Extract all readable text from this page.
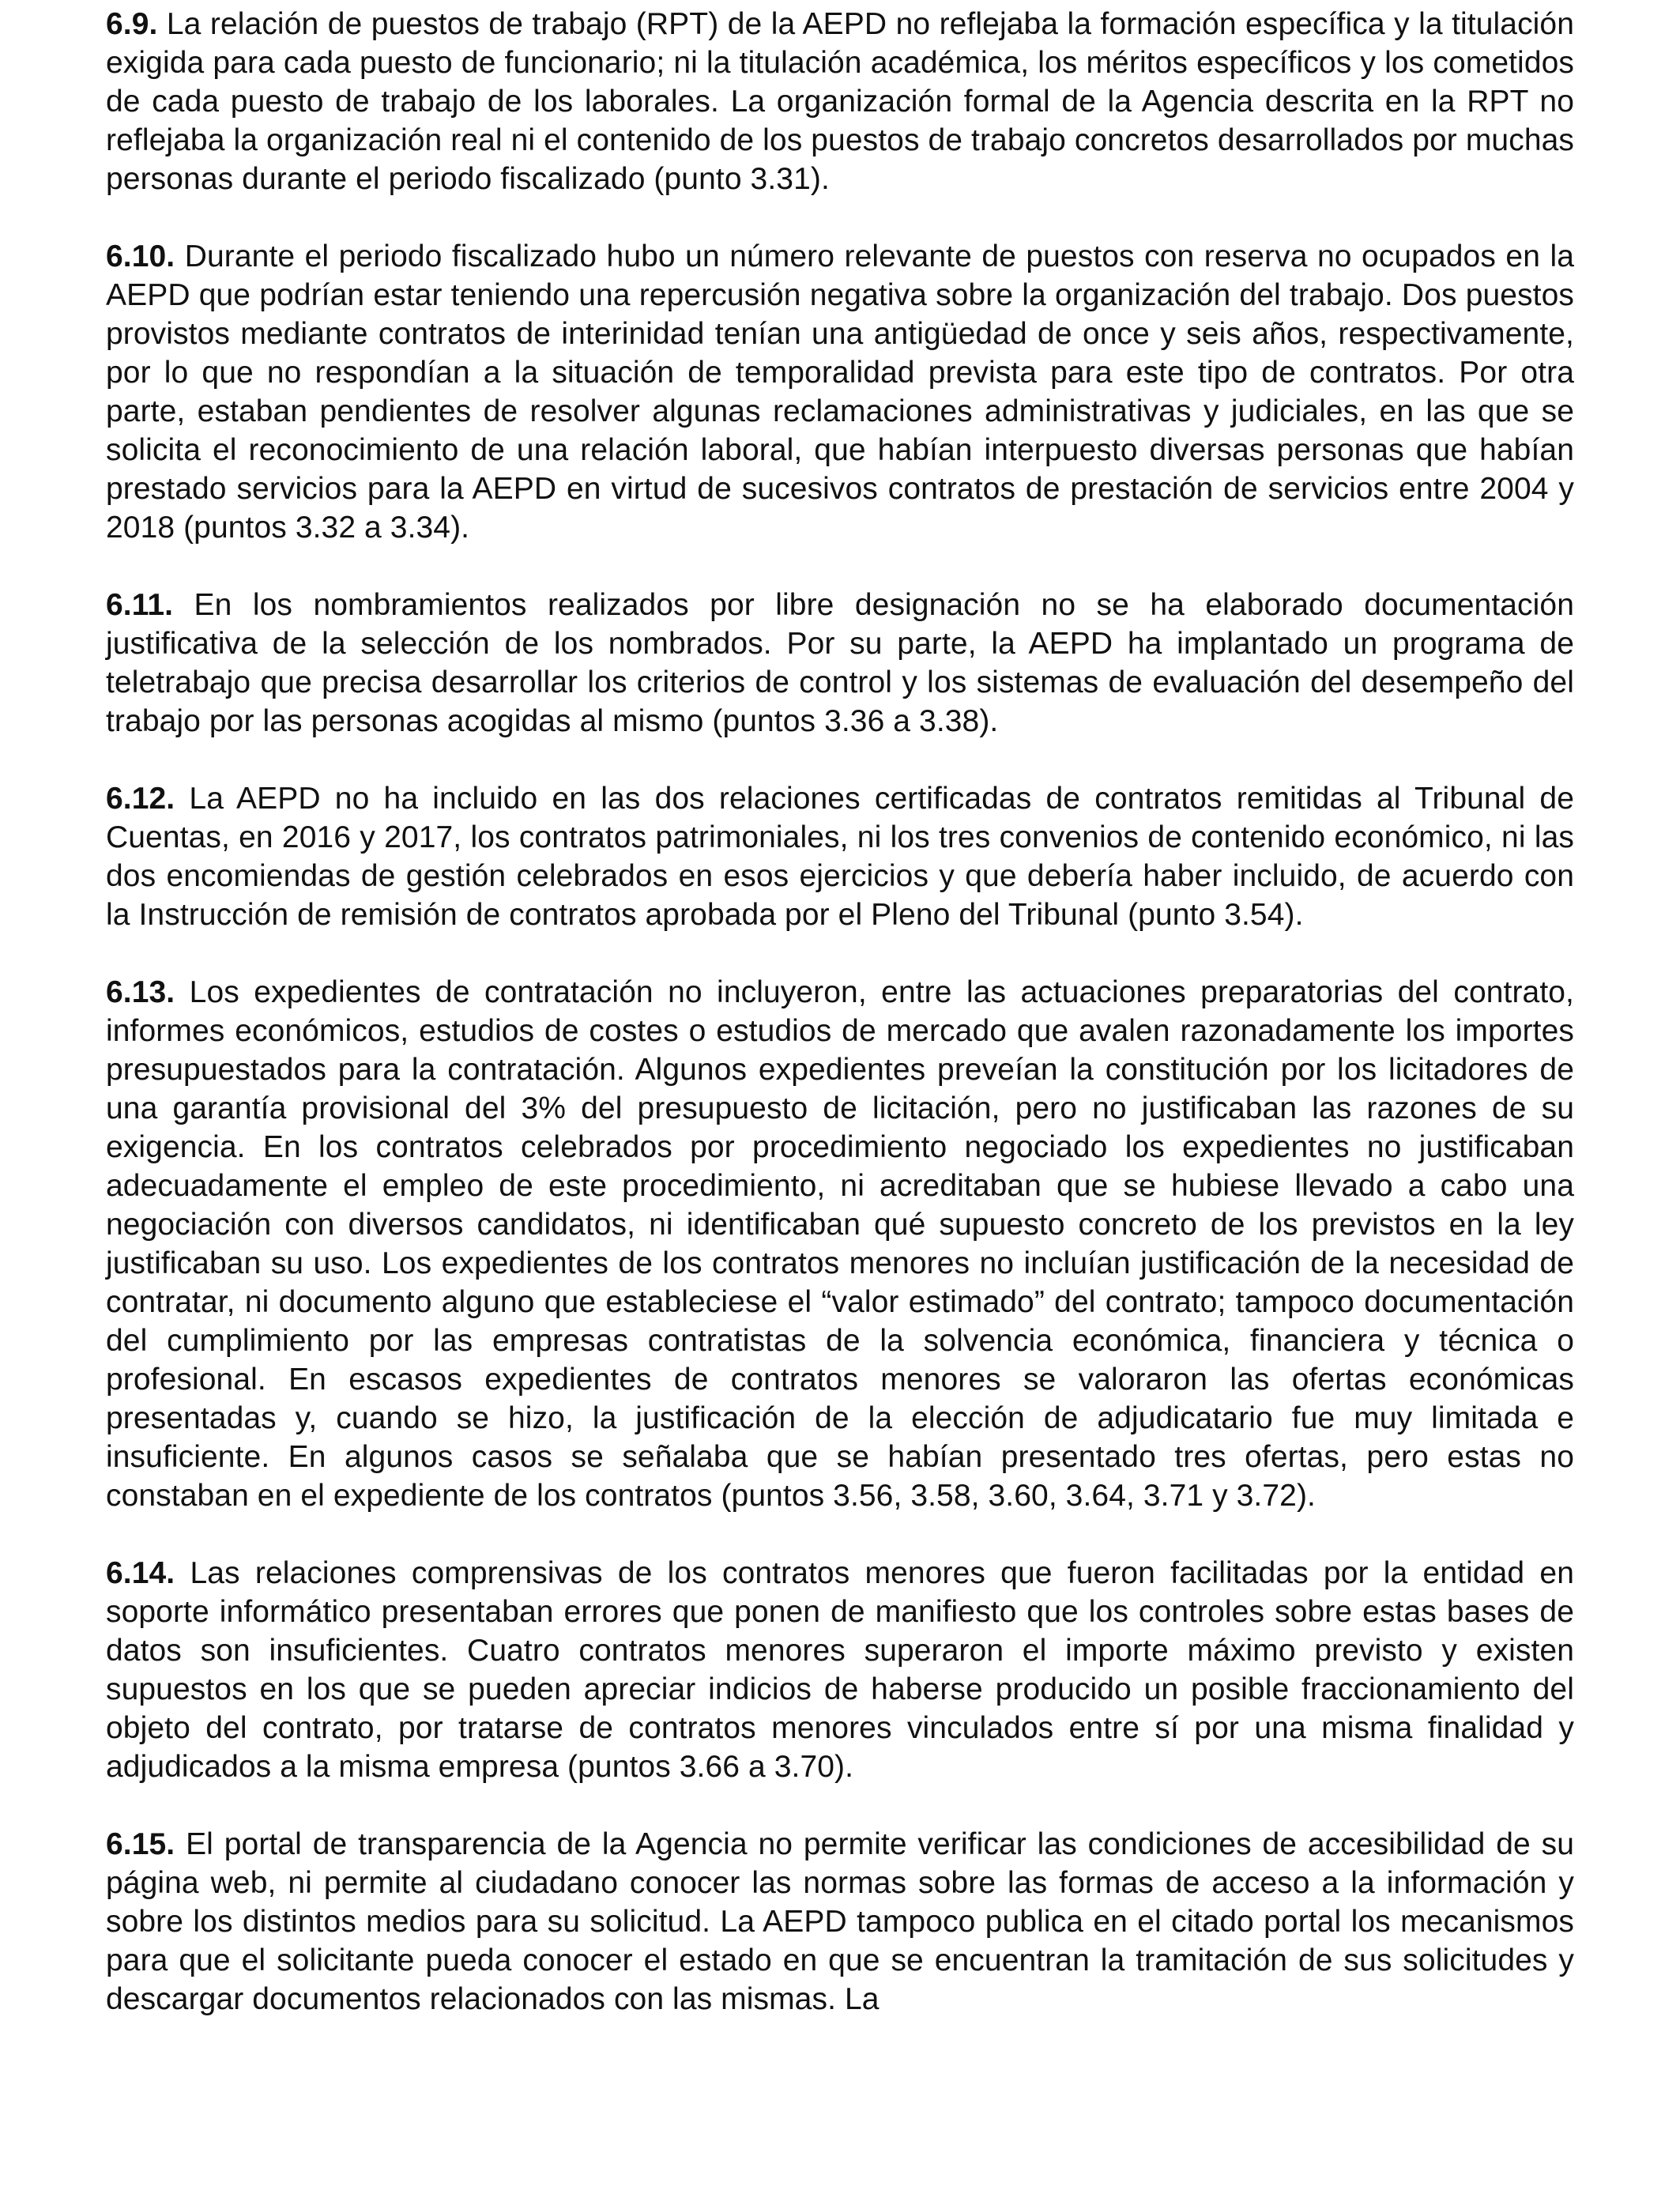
6.9. La relación de puestos de trabajo (RPT) de la AEPD no reflejaba la formación específica y la titulación exigida para cada puesto de funcionario; ni la titulación académica, los méritos específicos y los cometidos de cada puesto de trabajo de los laborales. La organización formal de la Agencia descrita en la RPT no reflejaba la organización real ni el contenido de los puestos de trabajo concretos desarrollados por muchas personas durante el periodo fiscalizado (punto 3.31).

6.10. Durante el periodo fiscalizado hubo un número relevante de puestos con reserva no ocupados en la AEPD que podrían estar teniendo una repercusión negativa sobre la organización del trabajo. Dos puestos provistos mediante contratos de interinidad tenían una antigüedad de once y seis años, respectivamente, por lo que no respondían a la situación de temporalidad prevista para este tipo de contratos. Por otra parte, estaban pendientes de resolver algunas reclamaciones administrativas y judiciales, en las que se solicita el reconocimiento de una relación laboral, que habían interpuesto diversas personas que habían prestado servicios para la AEPD en virtud de sucesivos contratos de prestación de servicios entre 2004 y 2018 (puntos 3.32 a 3.34).

6.11. En los nombramientos realizados por libre designación no se ha elaborado documentación justificativa de la selección de los nombrados. Por su parte, la AEPD ha implantado un programa de teletrabajo que precisa desarrollar los criterios de control y los sistemas de evaluación del desempeño del trabajo por las personas acogidas al mismo (puntos 3.36 a 3.38).

6.12. La AEPD no ha incluido en las dos relaciones certificadas de contratos remitidas al Tribunal de Cuentas, en 2016 y 2017, los contratos patrimoniales, ni los tres convenios de contenido económico, ni las dos encomiendas de gestión celebrados en esos ejercicios y que debería haber incluido, de acuerdo con la Instrucción de remisión de contratos aprobada por el Pleno del Tribunal (punto 3.54).

6.13. Los expedientes de contratación no incluyeron, entre las actuaciones preparatorias del contrato, informes económicos, estudios de costes o estudios de mercado que avalen razonadamente los importes presupuestados para la contratación. Algunos expedientes preveían la constitución por los licitadores de una garantía provisional del 3% del presupuesto de licitación, pero no justificaban las razones de su exigencia. En los contratos celebrados por procedimiento negociado los expedientes no justificaban adecuadamente el empleo de este procedimiento, ni acreditaban que se hubiese llevado a cabo una negociación con diversos candidatos, ni identificaban qué supuesto concreto de los previstos en la ley justificaban su uso. Los expedientes de los contratos menores no incluían justificación de la necesidad de contratar, ni documento alguno que estableciese el “valor estimado” del contrato; tampoco documentación del cumplimiento por las empresas contratistas de la solvencia económica, financiera y técnica o profesional. En escasos expedientes de contratos menores se valoraron las ofertas económicas presentadas y, cuando se hizo, la justificación de la elección de adjudicatario fue muy limitada e insuficiente. En algunos casos se señalaba que se habían presentado tres ofertas, pero estas no constaban en el expediente de los contratos (puntos 3.56, 3.58, 3.60, 3.64, 3.71 y 3.72).

6.14. Las relaciones comprensivas de los contratos menores que fueron facilitadas por la entidad en soporte informático presentaban errores que ponen de manifiesto que los controles sobre estas bases de datos son insuficientes. Cuatro contratos menores superaron el importe máximo previsto y existen supuestos en los que se pueden apreciar indicios de haberse producido un posible fraccionamiento del objeto del contrato, por tratarse de contratos menores vinculados entre sí por una misma finalidad y adjudicados a la misma empresa (puntos 3.66 a 3.70).

6.15. El portal de transparencia de la Agencia no permite verificar las condiciones de accesibilidad de su página web, ni permite al ciudadano conocer las normas sobre las formas de acceso a la información y sobre los distintos medios para su solicitud. La AEPD tampoco publica en el citado portal los mecanismos para que el solicitante pueda conocer el estado en que se encuentran la tramitación de sus solicitudes y descargar documentos relacionados con las mismas. La
